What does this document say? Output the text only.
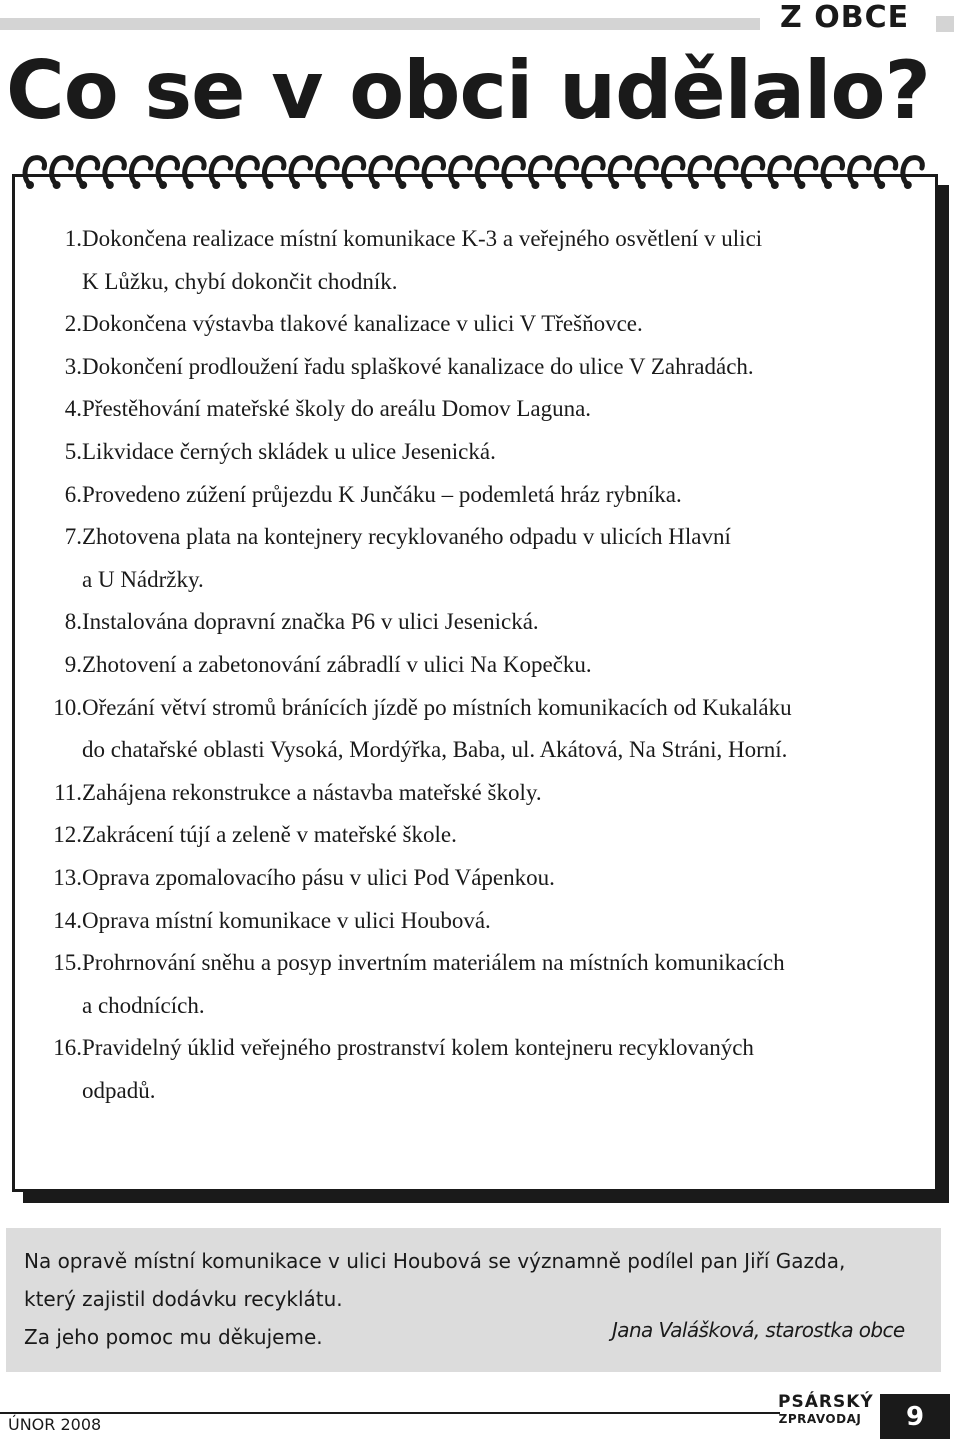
Z OBCE
Co se v obci udělalo?
1. Dokončena realizace místní komunikace K-3 a veřejného osvětlení v ulici
K Lůžku, chybí dokončit chodník.
2. Dokončena výstavba tlakové kanalizace v ulici V Třešňovce.
3. Dokončení prodloužení řadu splaškové kanalizace do ulice V Zahradách.
4. Přestěhování mateřské školy do areálu Domov Laguna.
5. Likvidace černých skládek u ulice Jesenická.
6. Provedeno zúžení průjezdu K Junčáku – podemletá hráz rybníka.
7. Zhotovena plata na kontejnery recyklovaného odpadu v ulicích Hlavní
a U Nádržky.
8. Instalována dopravní značka P6 v ulici Jesenická.
9. Zhotovení a zabetonování zábradlí v ulici Na Kopečku.
10. Ořezání větví stromů bránících jízdě po místních komunikacích od Kukaláku
do chatařské oblasti Vysoká, Mordýřka, Baba, ul. Akátová, Na Stráni, Horní.
11. Zahájena rekonstrukce a nástavba mateřské školy.
12. Zakrácení tújí a zeleně v mateřské škole.
13. Oprava zpomalovacího pásu v ulici Pod Vápenkou.
14. Oprava místní komunikace v ulici Houbová.
15. Prohrnování sněhu a posyp invertním materiálem na místních komunikacích
a chodnících.
16. Pravidelný úklid veřejného prostranství kolem kontejneru recyklovaných
odpadů.
Na opravě místní komunikace v ulici Houbová se významně podílel pan Jiří Gazda,
který zajistil dodávku recyklátu.
Za jeho pomoc mu děkujeme.	Jana Valášková, starostka obce
ÚNOR 2008
PSÁRSKÝ
ZPRAVODAJ	9
